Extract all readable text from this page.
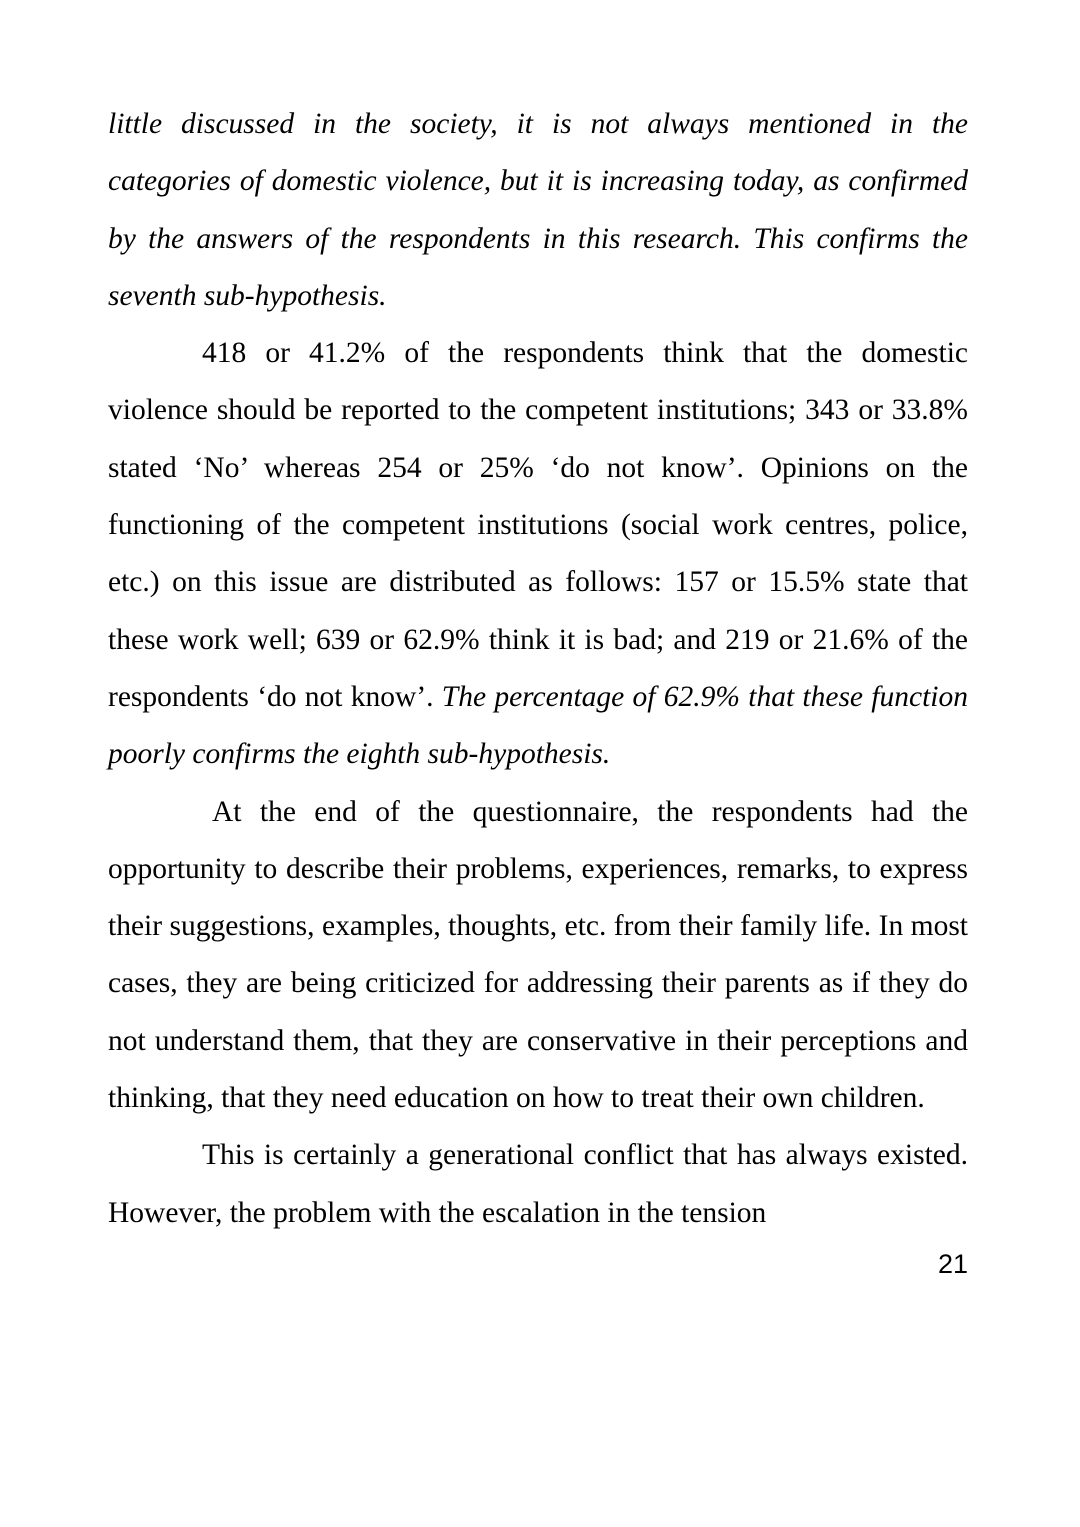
little discussed in the society, it is not always mentioned in the categories of domestic violence, but it is increasing today, as confirmed by the answers of the respondents in this research. This confirms the seventh sub-hypothesis.

418 or 41.2% of the respondents think that the domestic violence should be reported to the competent institutions; 343 or 33.8% stated ‘No’ whereas 254 or 25% ‘do not know’. Opinions on the functioning of the competent institutions (social work centres, police, etc.) on this issue are distributed as follows: 157 or 15.5% state that these work well; 639 or 62.9% think it is bad; and 219 or 21.6% of the respondents ‘do not know’. The percentage of 62.9% that these function poorly confirms the eighth sub-hypothesis.

At the end of the questionnaire, the respondents had the opportunity to describe their problems, experiences, remarks, to express their suggestions, examples, thoughts, etc. from their family life. In most cases, they are being criticized for addressing their parents as if they do not understand them, that they are conservative in their perceptions and thinking, that they need education on how to treat their own children.

This is certainly a generational conflict that has always existed. However, the problem with the escalation in the tension

21
